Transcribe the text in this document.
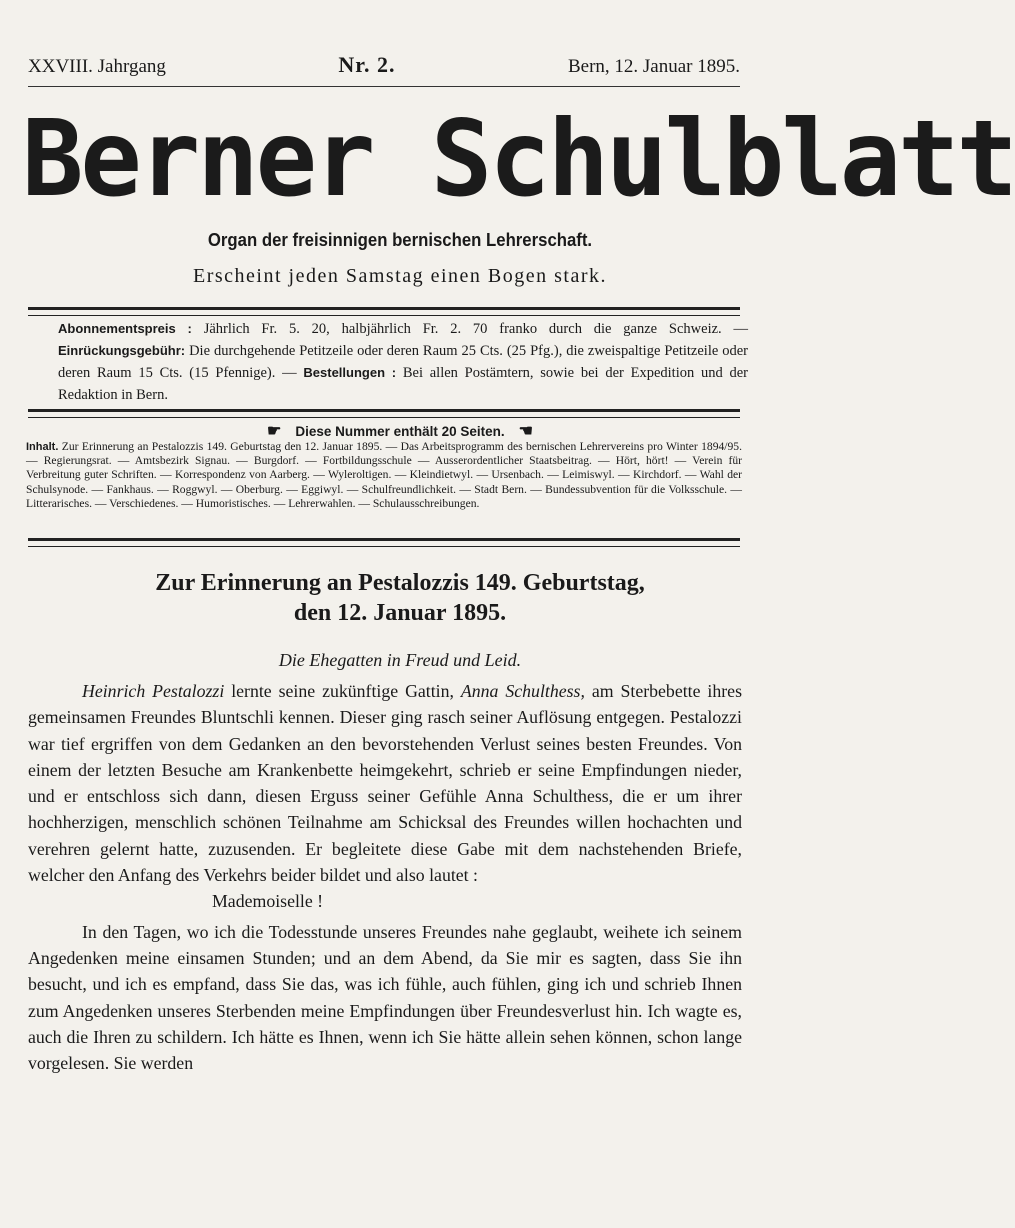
XXVIII. Jahrgang	Nr. 2.	Bern, 12. Januar 1895.
Berner Schulblatt
Organ der freisinnigen bernischen Lehrerschaft.
Erscheint jeden Samstag einen Bogen stark.
Abonnementspreis : Jährlich Fr. 5. 20, halbjährlich Fr. 2. 70 franko durch die ganze Schweiz. — Einrückungsgebühr: Die durchgehende Petitzeile oder deren Raum 25 Cts. (25 Pfg.), die zweispaltige Petitzeile oder deren Raum 15 Cts. (15 Pfennige). — Bestellungen : Bei allen Postämtern, sowie bei der Expedition und der Redaktion in Bern.
☛ Diese Nummer enthält 20 Seiten. ☚
Inhalt. Zur Erinnerung an Pestalozzis 149. Geburtstag den 12. Januar 1895. — Das Arbeitsprogramm des bernischen Lehrervereins pro Winter 1894/95. — Regierungsrat. — Amtsbezirk Signau. — Burgdorf. — Fortbildungsschule — Ausserordentlicher Staatsbeitrag. — Hört, hört! — Verein für Verbreitung guter Schriften. — Korrespondenz von Aarberg. — Wyleroltigen. — Kleindietwyl. — Ursenbach. — Leimiswyl. — Kirchdorf. — Wahl der Schulsynode. — Fankhaus. — Roggwyl. — Oberburg. — Eggiwyl. — Schulfreundlichkeit. — Stadt Bern. — Bundessubvention für die Volksschule. — Litterarisches. — Verschiedenes. — Humoristisches. — Lehrerwahlen. — Schulausschreibungen.
Zur Erinnerung an Pestalozzis 149. Geburtstag,
den 12. Januar 1895.
Die Ehegatten in Freud und Leid.

Heinrich Pestalozzi lernte seine zukünftige Gattin, Anna Schulthess, am Sterbebette ihres gemeinsamen Freundes Bluntschli kennen. Dieser ging rasch seiner Auflösung entgegen. Pestalozzi war tief ergriffen von dem Gedanken an den bevorstehenden Verlust seines besten Freundes. Von einem der letzten Besuche am Krankenbette heimgekehrt, schrieb er seine Empfindungen nieder, und er entschloss sich dann, diesen Erguss seiner Gefühle Anna Schulthess, die er um ihrer hochherzigen, menschlich schönen Teilnahme am Schicksal des Freundes willen hochachten und verehren gelernt hatte, zuzusenden. Er begleitete diese Gabe mit dem nachstehenden Briefe, welcher den Anfang des Verkehrs beider bildet und also lautet :

Mademoiselle !

In den Tagen, wo ich die Todesstunde unseres Freundes nahe geglaubt, weihete ich seinem Angedenken meine einsamen Stunden; und an dem Abend, da Sie mir es sagten, dass Sie ihn besucht, und ich es empfand, dass Sie das, was ich fühle, auch fühlen, ging ich und schrieb Ihnen zum Angedenken unseres Sterbenden meine Empfindungen über Freundesverlust hin. Ich wagte es, auch die Ihren zu schildern. Ich hätte es Ihnen, wenn ich Sie hätte allein sehen können, schon lange vorgelesen. Sie werden
